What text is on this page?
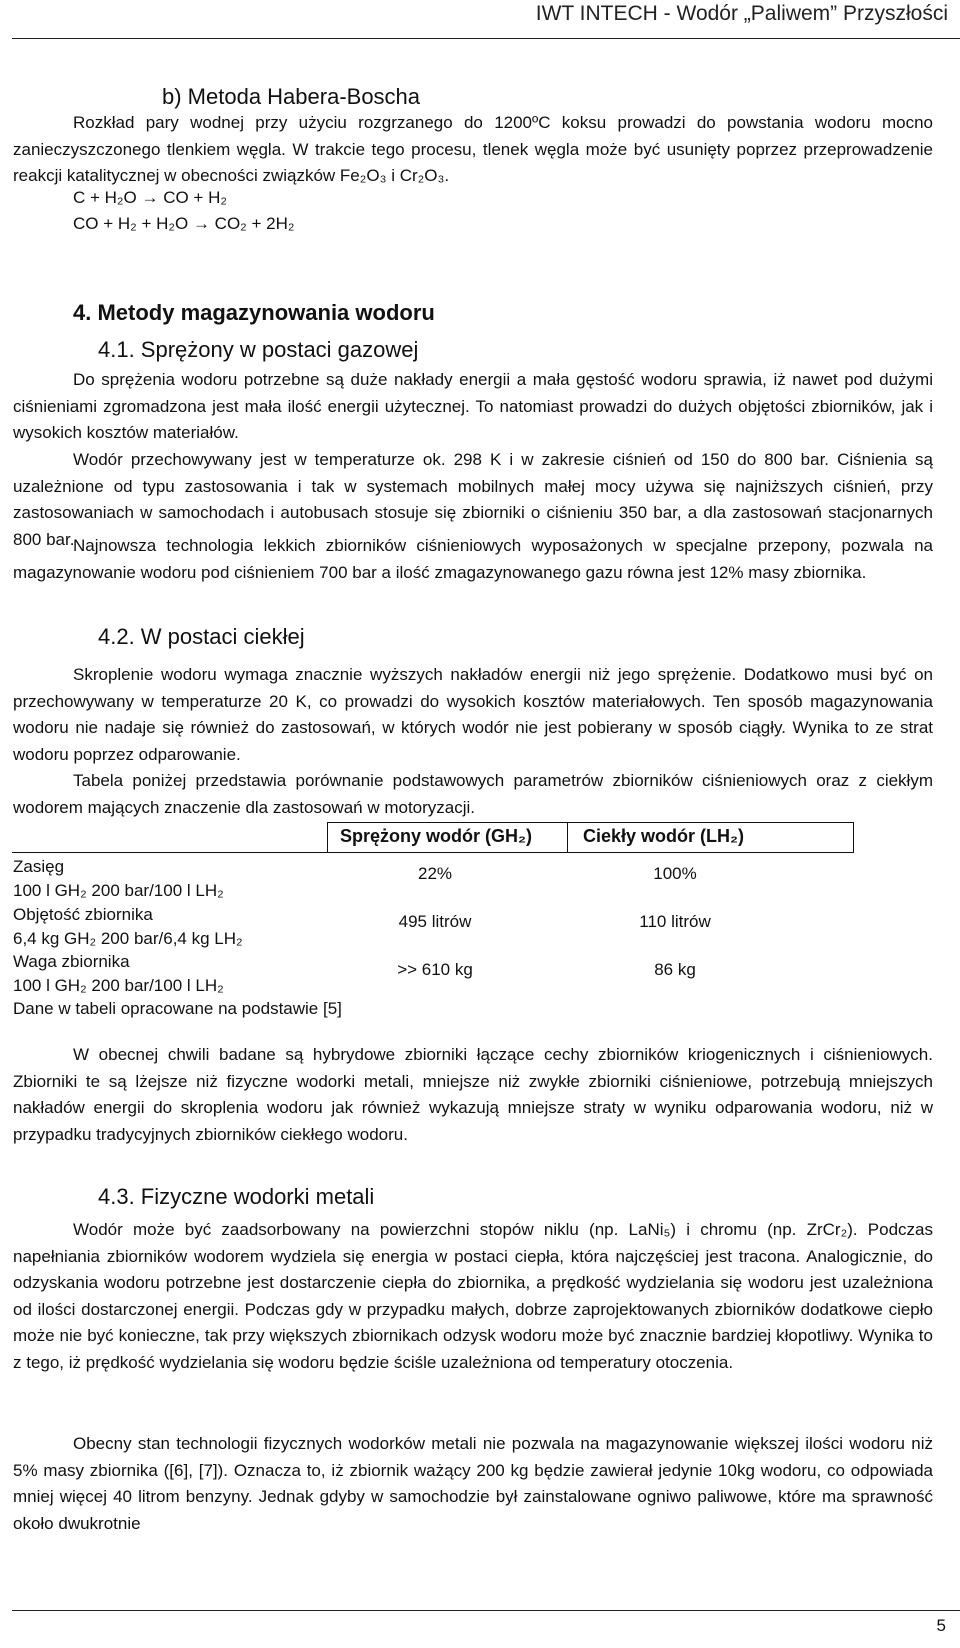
IWT INTECH - Wodór „Paliwem” Przyszłości
b) Metoda Habera-Boscha
Rozkład pary wodnej przy użyciu rozgrzanego do 1200ºC koksu prowadzi do powstania wodoru mocno zanieczyszczonego tlenkiem węgla. W trakcie tego procesu, tlenek węgla może być usunięty poprzez przeprowadzenie reakcji katalitycznej w obecności związków Fe₂O₃ i Cr₂O₃.
C + H₂O → CO + H₂
CO + H₂ + H₂O → CO₂ + 2H₂
4. Metody magazynowania wodoru
4.1. Sprężony w postaci gazowej
Do sprężenia wodoru potrzebne są duże nakłady energii a mała gęstość wodoru sprawia, iż nawet pod dużymi ciśnieniami zgromadzona jest mała ilość energii użytecznej. To natomiast prowadzi do dużych objętości zbiorników, jak i wysokich kosztów materiałów.
Wodór przechowywany jest w temperaturze ok. 298 K i w zakresie ciśnień od 150 do 800 bar. Ciśnienia są uzależnione od typu zastosowania i tak w systemach mobilnych małej mocy używa się najniższych ciśnień, przy zastosowaniach w samochodach i autobusach stosuje się zbiorniki o ciśnieniu 350 bar, a dla zastosowań stacjonarnych 800 bar.
Najnowsza technologia lekkich zbiorników ciśnieniowych wyposażonych w specjalne przepony, pozwala na magazynowanie wodoru pod ciśnieniem 700 bar a ilość zmagazynowanego gazu równa jest 12% masy zbiornika.
4.2. W postaci ciekłej
Skroplenie wodoru wymaga znacznie wyższych nakładów energii niż jego sprężenie. Dodatkowo musi być on przechowywany w temperaturze 20 K, co prowadzi do wysokich kosztów materiałowych. Ten sposób magazynowania wodoru nie nadaje się również do zastosowań, w których wodór nie jest pobierany w sposób ciągły. Wynika to ze strat wodoru poprzez odparowanie.
Tabela poniżej przedstawia porównanie podstawowych parametrów zbiorników ciśnieniowych oraz z ciekłym wodorem mających znaczenie dla zastosowań w motoryzacji.
Sprężony wodór (GH₂)	Ciekły wodór (LH₂)
Zasięg
100 l GH₂ 200 bar/100 l LH₂
22%	100%
Objętość zbiornika
6,4 kg GH₂ 200 bar/6,4 kg LH₂
495 litrów	110 litrów
Waga zbiornika
100 l GH₂ 200 bar/100 l LH₂
>> 610 kg	86 kg
Dane w tabeli opracowane na podstawie [5]
W obecnej chwili badane są hybrydowe zbiorniki łączące cechy zbiorników kriogenicznych i ciśnieniowych. Zbiorniki te są lżejsze niż fizyczne wodorki metali, mniejsze niż zwykłe zbiorniki ciśnieniowe, potrzebują mniejszych nakładów energii do skroplenia wodoru jak również wykazują mniejsze straty w wyniku odparowania wodoru, niż w przypadku tradycyjnych zbiorników ciekłego wodoru.
4.3. Fizyczne wodorki metali
Wodór może być zaadsorbowany na powierzchni stopów niklu (np. LaNi₅) i chromu (np. ZrCr₂). Podczas napełniania zbiorników wodorem wydziela się energia w postaci ciepła, która najczęściej jest tracona. Analogicznie, do odzyskania wodoru potrzebne jest dostarczenie ciepła do zbiornika, a prędkość wydzielania się wodoru jest uzależniona od ilości dostarczonej energii. Podczas gdy w przypadku małych, dobrze zaprojektowanych zbiorników dodatkowe ciepło może nie być konieczne, tak przy większych zbiornikach odzysk wodoru może być znacznie bardziej kłopotliwy. Wynika to z tego, iż prędkość wydzielania się wodoru będzie ściśle uzależniona od temperatury otoczenia.
Obecny stan technologii fizycznych wodorków metali nie pozwala na magazynowanie większej ilości wodoru niż 5% masy zbiornika ([6], [7]). Oznacza to, iż zbiornik ważący 200 kg będzie zawierał jedynie 10kg wodoru, co odpowiada mniej więcej 40 litrom benzyny. Jednak gdyby w samochodzie był zainstalowane ogniwo paliwowe, które ma sprawność około dwukrotnie
5
